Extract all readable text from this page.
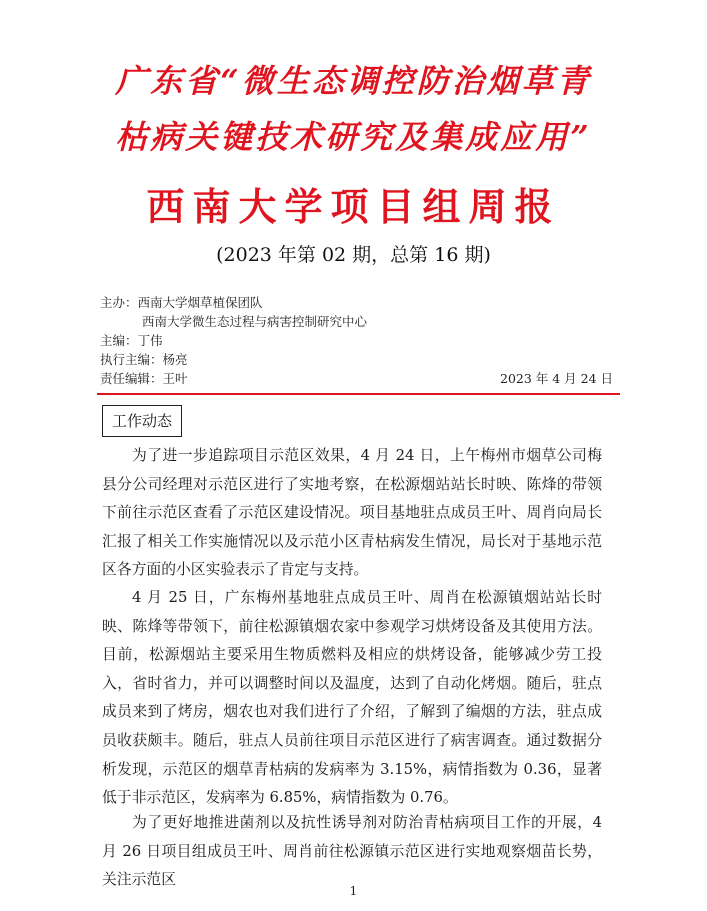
广东省“微生态调控防治烟草青
枯病关键技术研究及集成应用”
西南大学项目组周报
(2023 年第 02 期，总第 16 期)
主办：西南大学烟草植保团队
西南大学微生态过程与病害控制研究中心
主编：丁伟
执行主编：杨亮
责任编辑：王叶	2023 年 4 月 24 日
工作动态
为了进一步追踪项目示范区效果，4 月 24 日，上午梅州市烟草公司梅县分公司经理对示范区进行了实地考察，在松源烟站站长时映、陈烽的带领下前往示范区查看了示范区建设情况。项目基地驻点成员王叶、周肖向局长汇报了相关工作实施情况以及示范小区青枯病发生情况，局长对于基地示范区各方面的小区实验表示了肯定与支持。
4 月 25 日，广东梅州基地驻点成员王叶、周肖在松源镇烟站站长时映、陈烽等带领下，前往松源镇烟农家中参观学习烘烤设备及其使用方法。目前，松源烟站主要采用生物质燃料及相应的烘烤设备，能够减少劳工投入，省时省力，并可以调整时间以及温度，达到了自动化烤烟。随后，驻点成员来到了烤房，烟农也对我们进行了介绍，了解到了编烟的方法，驻点成员收获颇丰。随后，驻点人员前往项目示范区进行了病害调查。通过数据分析发现，示范区的烟草青枯病的发病率为 3.15%，病情指数为 0.36，显著低于非示范区，发病率为 6.85%，病情指数为 0.76。
为了更好地推进菌剂以及抗性诱导剂对防治青枯病项目工作的开展，4 月 26 日项目组成员王叶、周肖前往松源镇示范区进行实地观察烟苗长势，关注示范区
1
